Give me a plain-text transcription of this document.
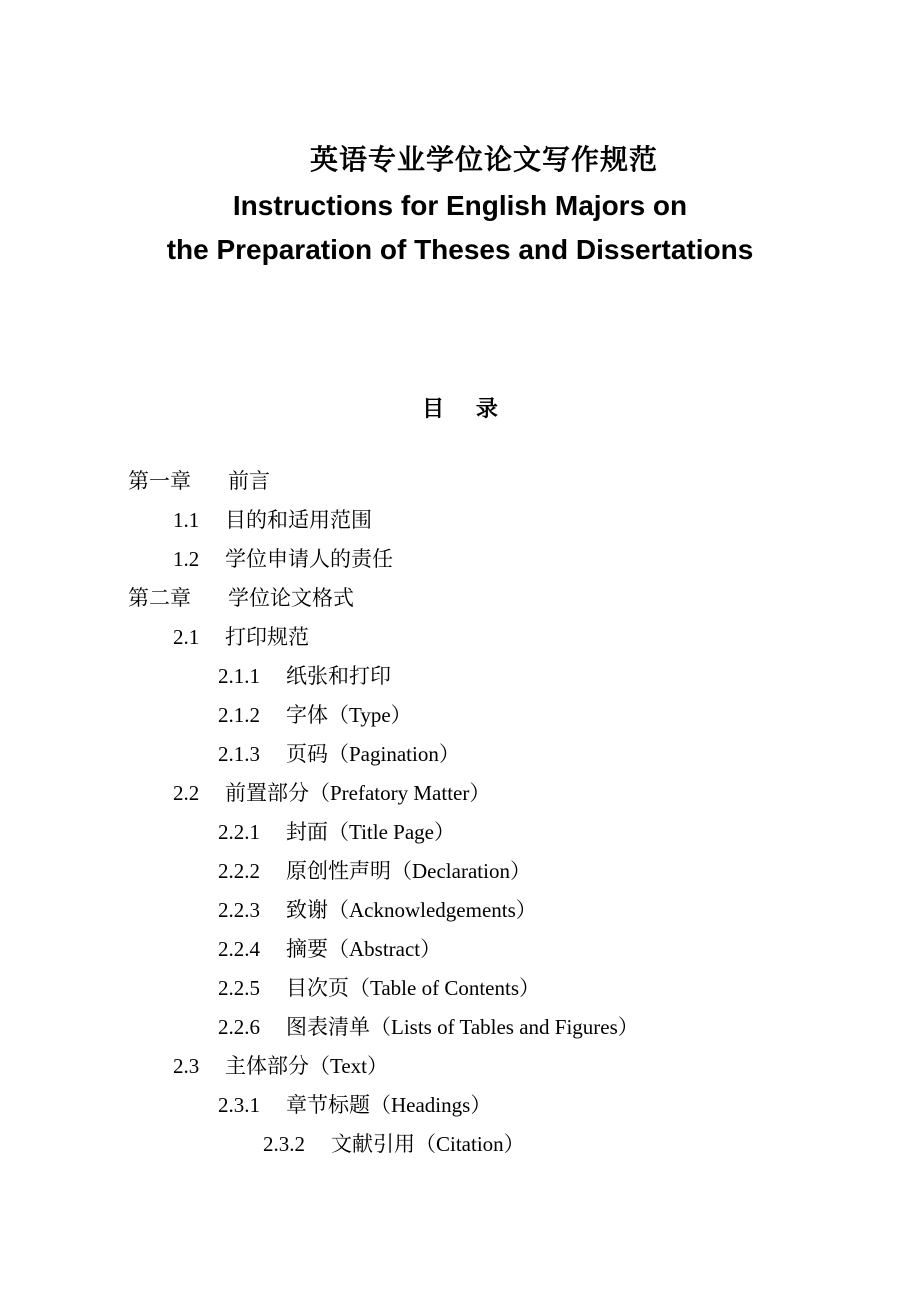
英语专业学位论文写作规范
Instructions for English Majors on
the Preparation of Theses and Dissertations
目 录
第一章 前言
1.1 目的和适用范围
1.2 学位申请人的责任
第二章 学位论文格式
2.1 打印规范
2.1.1 纸张和打印
2.1.2 字体（Type）
2.1.3 页码（Pagination）
2.2 前置部分（Prefatory Matter）
2.2.1 封面（Title Page）
2.2.2 原创性声明（Declaration）
2.2.3 致谢（Acknowledgements）
2.2.4 摘要（Abstract）
2.2.5 目次页（Table of Contents）
2.2.6 图表清单（Lists of Tables and Figures）
2.3 主体部分（Text）
2.3.1 章节标题（Headings）
2.3.2 文献引用（Citation）
